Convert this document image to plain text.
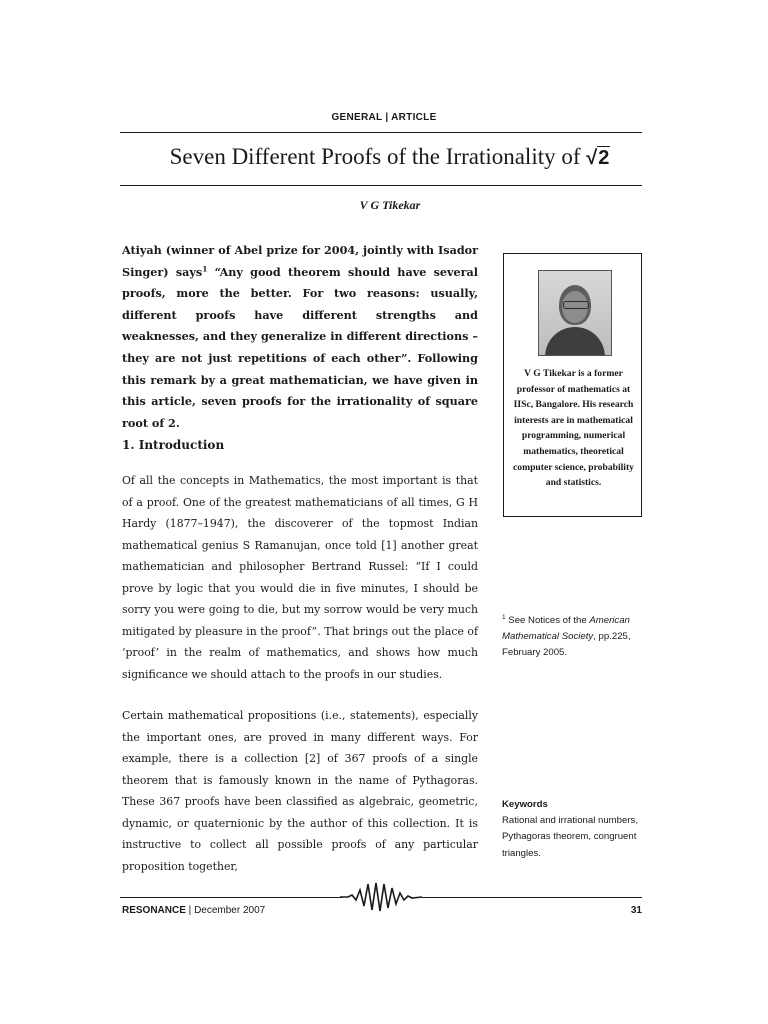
GENERAL | ARTICLE
Seven Different Proofs of the Irrationality of √2
V G Tikekar
Atiyah (winner of Abel prize for 2004, jointly with Isador Singer) says$^1$ “Any good theorem should have several proofs, more the better. For two reasons: usually, different proofs have different strengths and weaknesses, and they generalize in different directions – they are not just repetitions of each other”. Following this remark by a great mathematician, we have given in this article, seven proofs for the irrationality of square root of 2.
1. Introduction

Of all the concepts in Mathematics, the most important is that of a proof. One of the greatest mathematicians of all times, G H Hardy (1877–1947), the discoverer of the topmost Indian mathematical genius S Ramanujan, once told [1] another great mathematician and philosopher Bertrand Russel: “If I could prove by logic that you would die in five minutes, I should be sorry you were going to die, but my sorrow would be very much mitigated by pleasure in the proof”. That brings out the place of ‘proof’ in the realm of mathematics, and shows how much significance we should attach to the proofs in our studies.

Certain mathematical propositions (i.e., statements), especially the important ones, are proved in many different ways. For example, there is a collection [2] of 367 proofs of a single theorem that is famously known in the name of Pythagoras. These 367 proofs have been classified as algebraic, geometric, dynamic, or quaternionic by the author of this collection. It is instructive to collect all possible proofs of any particular proposition together,

V G Tikekar is a former professor of mathematics at IISc, Bangalore. His research interests are in mathematical programming, numerical mathematics, theoretical computer science, probability and statistics.
$^1$ See Notices of the American Mathematical Society, pp.225, February 2005.
Keywords
Rational and irrational numbers, Pythagoras theorem, congruent triangles.
RESONANCE | December 2007	31
